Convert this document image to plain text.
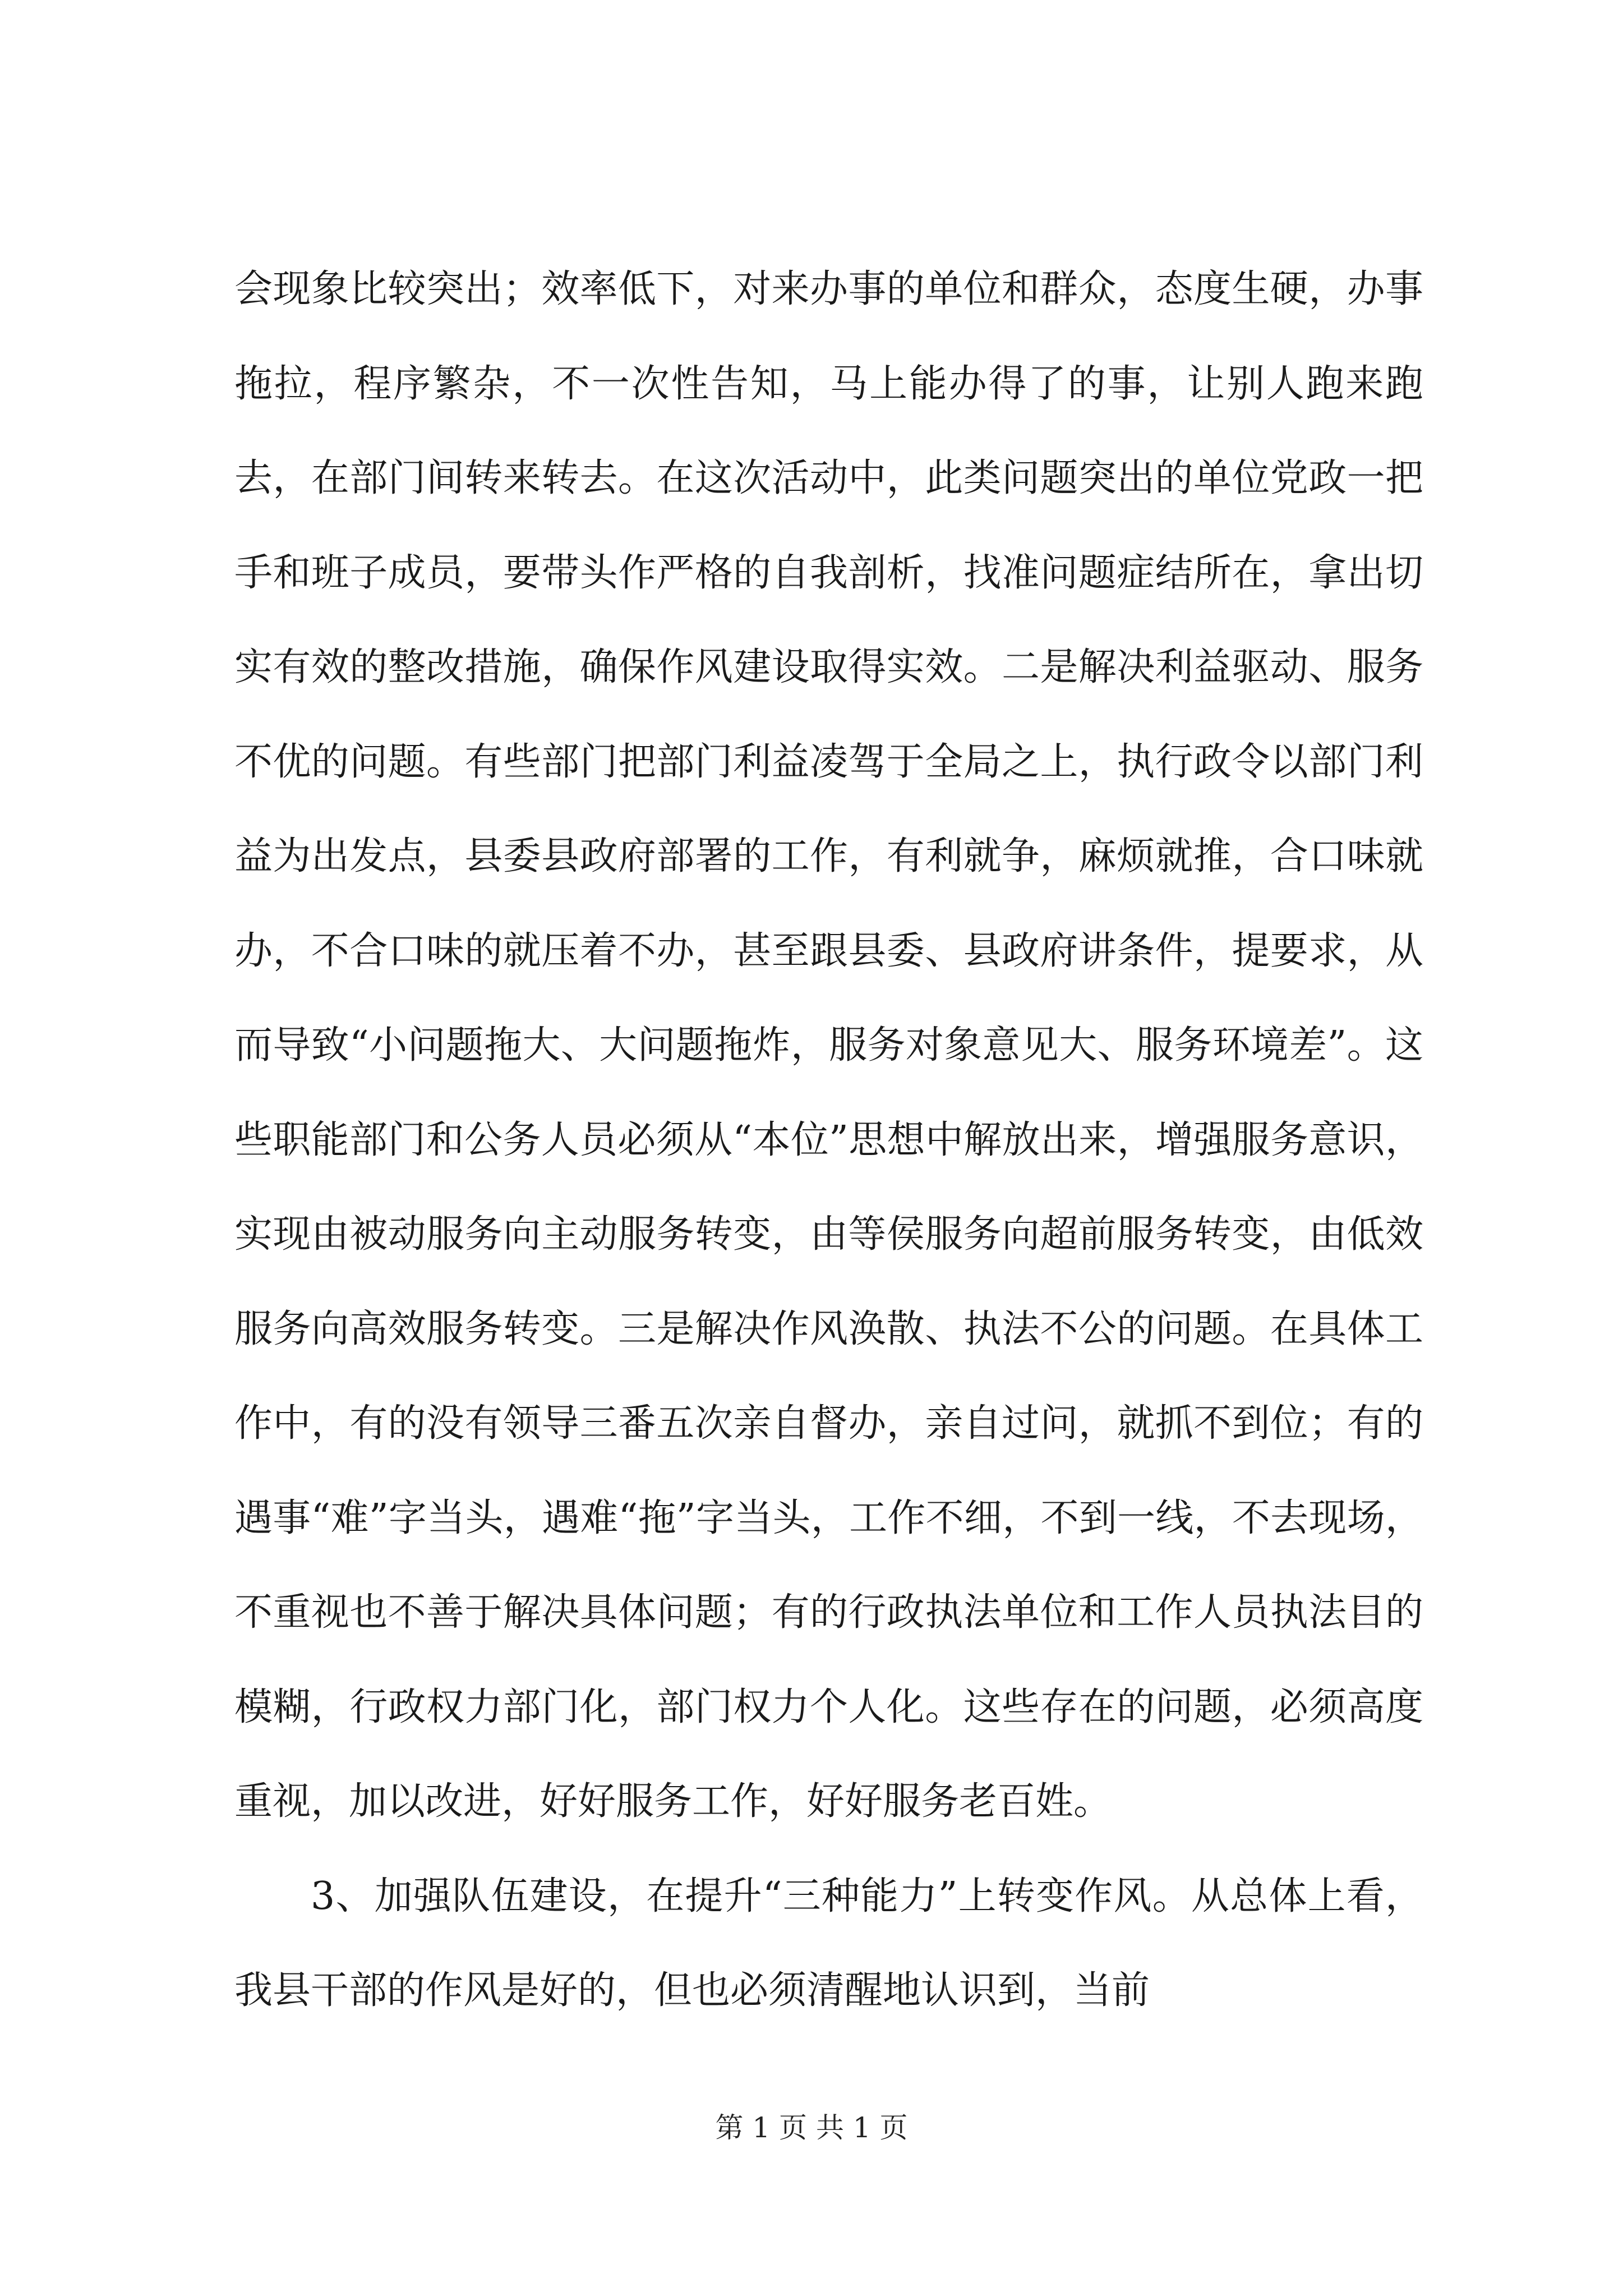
会现象比较突出；效率低下，对来办事的单位和群众，态度生硬，办事拖拉，程序繁杂，不一次性告知，马上能办得了的事，让别人跑来跑去，在部门间转来转去。在这次活动中，此类问题突出的单位党政一把手和班子成员，要带头作严格的自我剖析，找准问题症结所在，拿出切实有效的整改措施，确保作风建设取得实效。二是解决利益驱动、服务不优的问题。有些部门把部门利益凌驾于全局之上，执行政令以部门利益为出发点，县委县政府部署的工作，有利就争，麻烦就推，合口味就办，不合口味的就压着不办，甚至跟县委、县政府讲条件，提要求，从而导致“小问题拖大、大问题拖炸，服务对象意见大、服务环境差”。这些职能部门和公务人员必须从“本位”思想中解放出来，增强服务意识，实现由被动服务向主动服务转变，由等侯服务向超前服务转变，由低效服务向高效服务转变。三是解决作风涣散、执法不公的问题。在具体工作中，有的没有领导三番五次亲自督办，亲自过问，就抓不到位；有的遇事“难”字当头，遇难“拖”字当头，工作不细，不到一线，不去现场，不重视也不善于解决具体问题；有的行政执法单位和工作人员执法目的模糊，行政权力部门化，部门权力个人化。这些存在的问题，必须高度重视，加以改进，好好服务工作，好好服务老百姓。

3、加强队伍建设，在提升“三种能力”上转变作风。从总体上看，我县干部的作风是好的，但也必须清醒地认识到，当前

第 1 页 共 1 页
